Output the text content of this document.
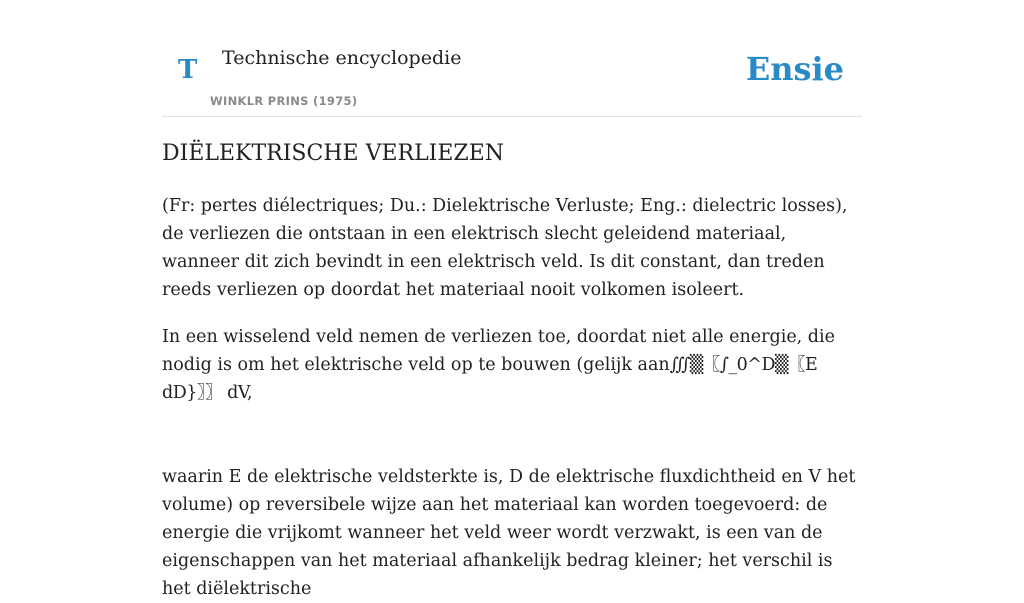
T Technische encyclopedie
WINKLR PRINS (1975)
Ensie
DIËLEKTRISCHE VERLIEZEN

(Fr: pertes diélectriques; Du.: Dielektrische Verluste; Eng.: dielectric losses), de verliezen die ontstaan in een elektrisch slecht geleidend materiaal, wanneer dit zich bevindt in een elektrisch veld. Is dit constant, dan treden reeds verliezen op doordat het materiaal nooit volkomen isoleert.

In een wisselend veld nemen de verliezen toe, doordat niet alle energie, die nodig is om het elektrische veld op te bouwen (gelijk aan∭▒〖∫_0^D▒〖E dD}〗〗 dV,

waarin E de elektrische veldsterkte is, D de elektrische fluxdichtheid en V het volume) op reversibele wijze aan het materiaal kan worden toegevoerd: de energie die vrijkomt wanneer het veld weer wordt verzwakt, is een van de eigenschappen van het materiaal afhankelijk bedrag kleiner; het verschil is het diëlektrische
